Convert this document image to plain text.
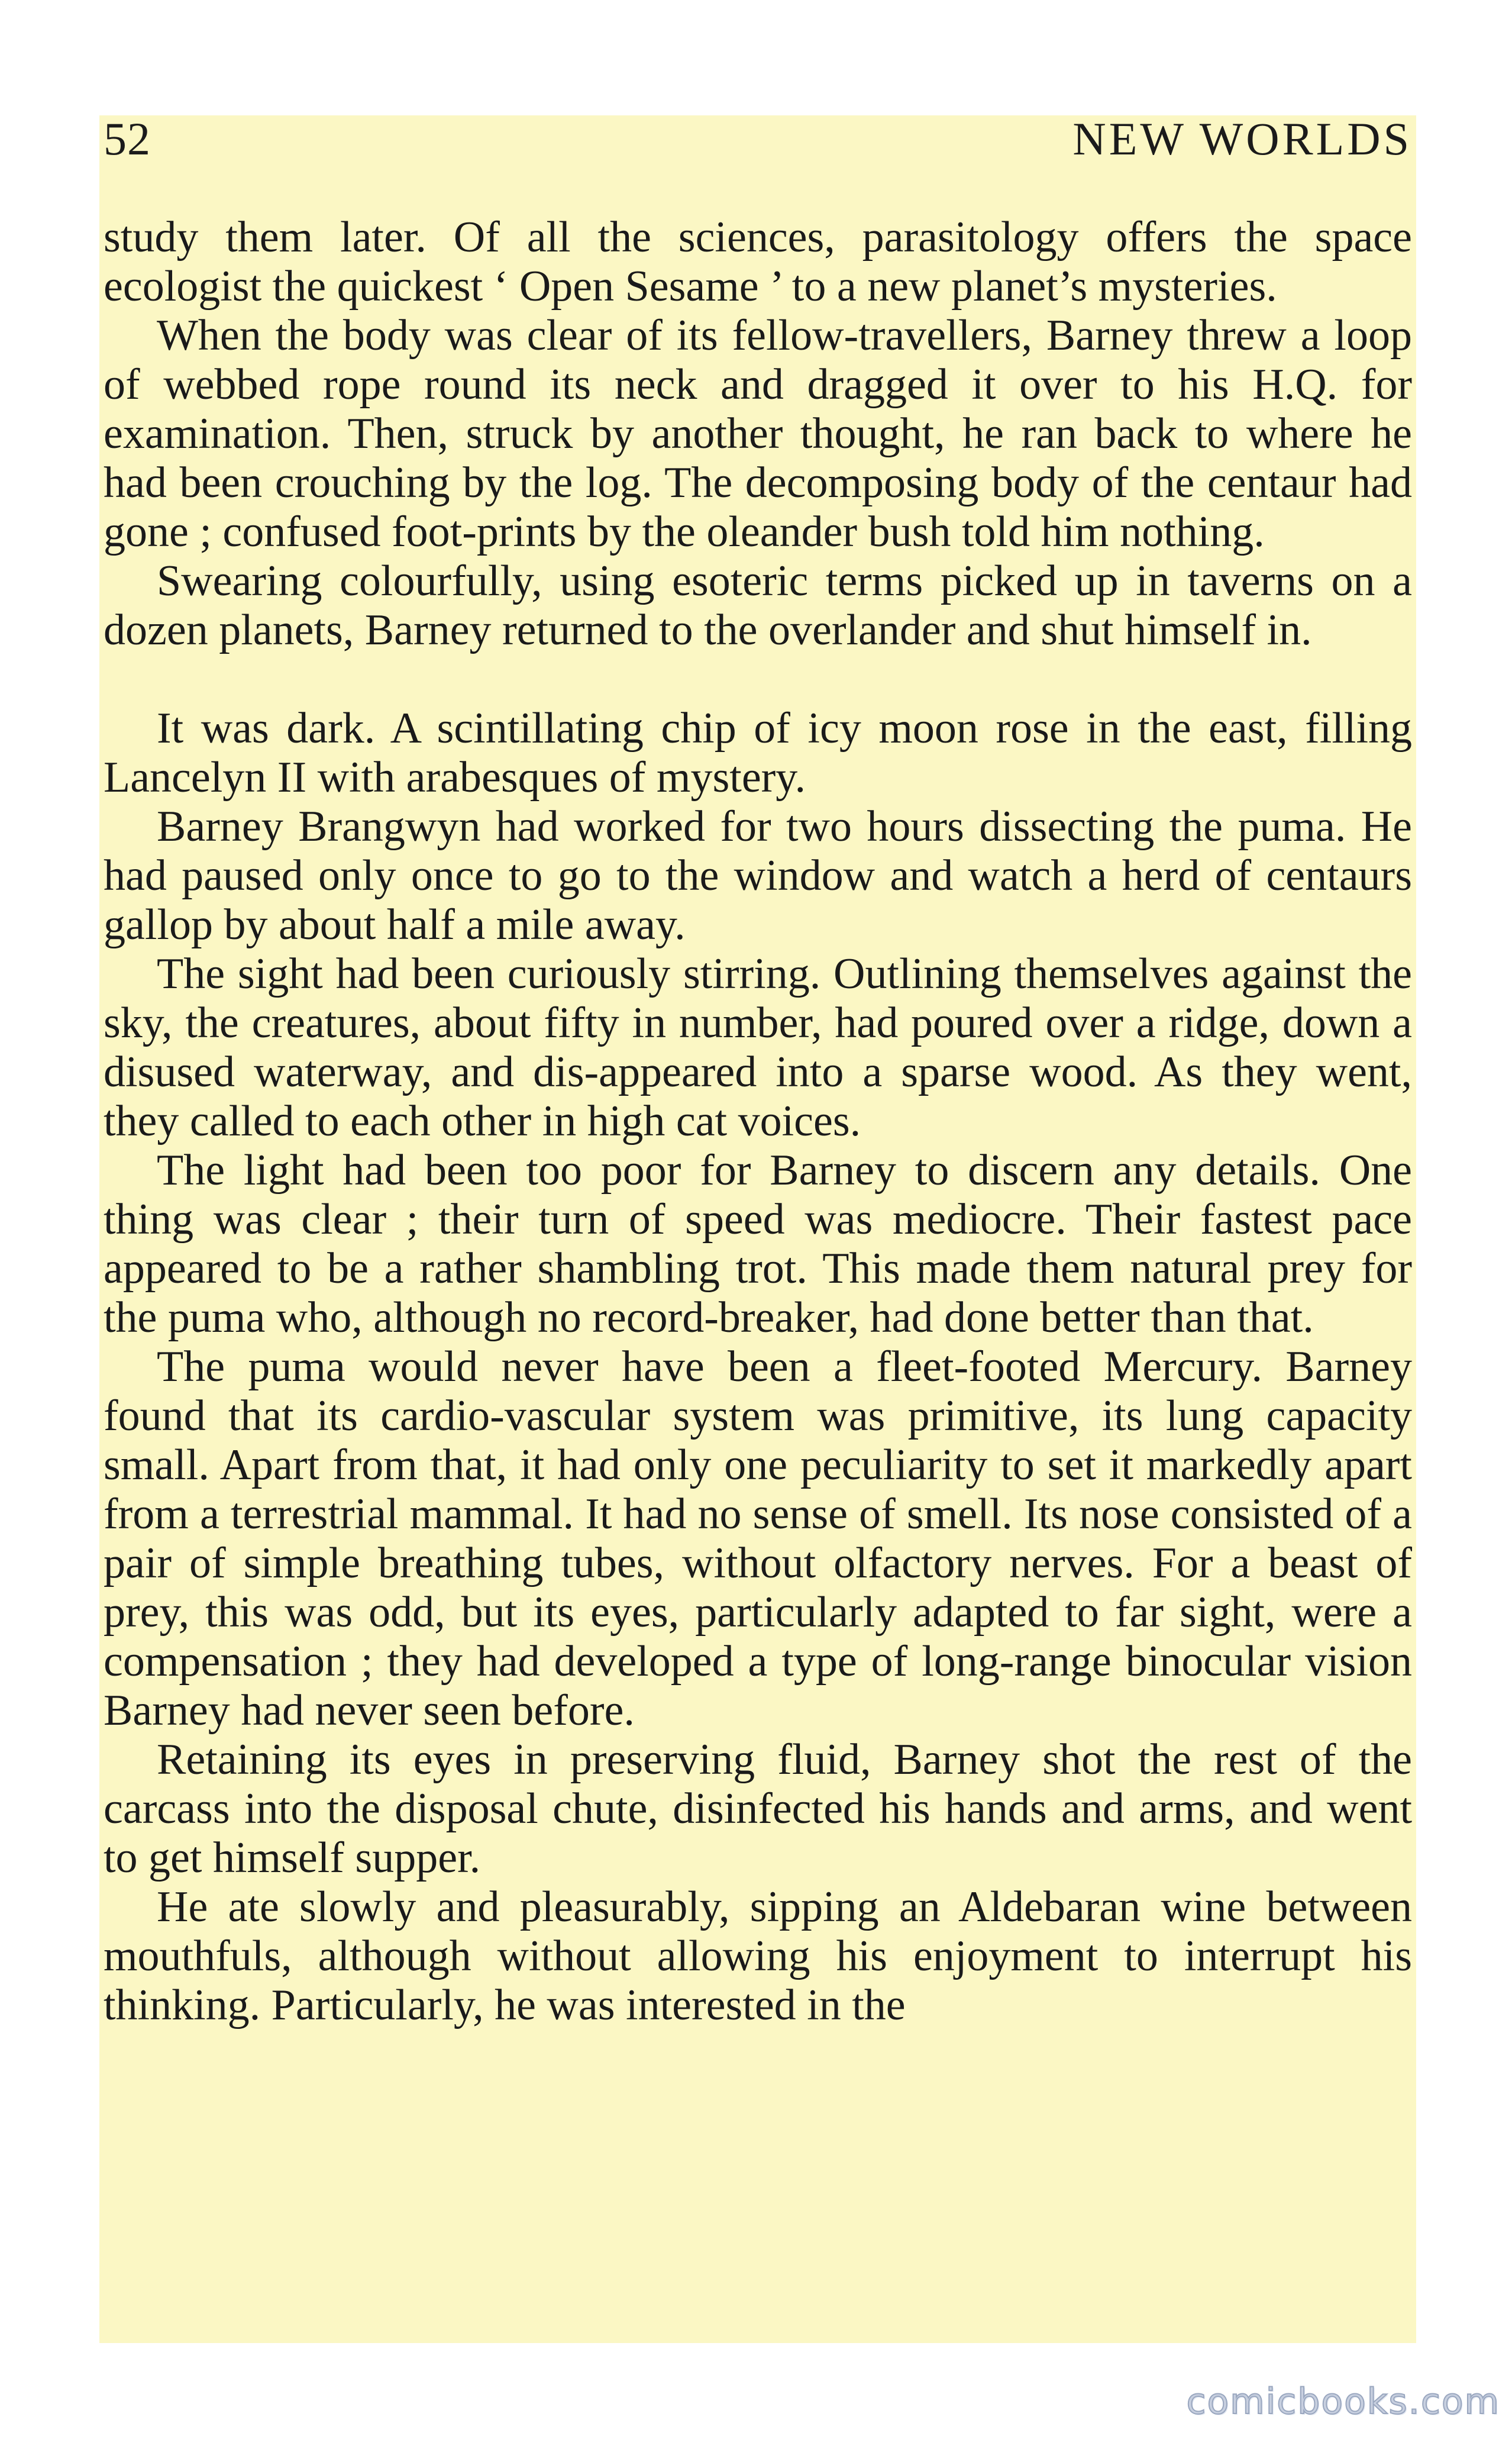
52	NEW WORLDS

study them later. Of all the sciences, parasitology offers the space ecologist the quickest ‘ Open Sesame ’ to a new planet’s mysteries.

When the body was clear of its fellow-travellers, Barney threw a loop of webbed rope round its neck and dragged it over to his H.Q. for examination. Then, struck by another thought, he ran back to where he had been crouching by the log. The decomposing body of the centaur had gone ; confused foot-prints by the oleander bush told him nothing.

Swearing colourfully, using esoteric terms picked up in taverns on a dozen planets, Barney returned to the overlander and shut himself in.

It was dark. A scintillating chip of icy moon rose in the east, filling Lancelyn II with arabesques of mystery.

Barney Brangwyn had worked for two hours dissecting the puma. He had paused only once to go to the window and watch a herd of centaurs gallop by about half a mile away.

The sight had been curiously stirring. Outlining themselves against the sky, the creatures, about fifty in number, had poured over a ridge, down a disused waterway, and dis-appeared into a sparse wood. As they went, they called to each other in high cat voices.

The light had been too poor for Barney to discern any details. One thing was clear ; their turn of speed was mediocre. Their fastest pace appeared to be a rather shambling trot. This made them natural prey for the puma who, although no record-breaker, had done better than that.

The puma would never have been a fleet-footed Mercury. Barney found that its cardio-vascular system was primitive, its lung capacity small. Apart from that, it had only one peculiarity to set it markedly apart from a terrestrial mammal. It had no sense of smell. Its nose consisted of a pair of simple breathing tubes, without olfactory nerves. For a beast of prey, this was odd, but its eyes, particularly adapted to far sight, were a compensation ; they had developed a type of long-range binocular vision Barney had never seen before.

Retaining its eyes in preserving fluid, Barney shot the rest of the carcass into the disposal chute, disinfected his hands and arms, and went to get himself supper.

He ate slowly and pleasurably, sipping an Aldebaran wine between mouthfuls, although without allowing his enjoyment to interrupt his thinking. Particularly, he was interested in the

comicbooks.com
